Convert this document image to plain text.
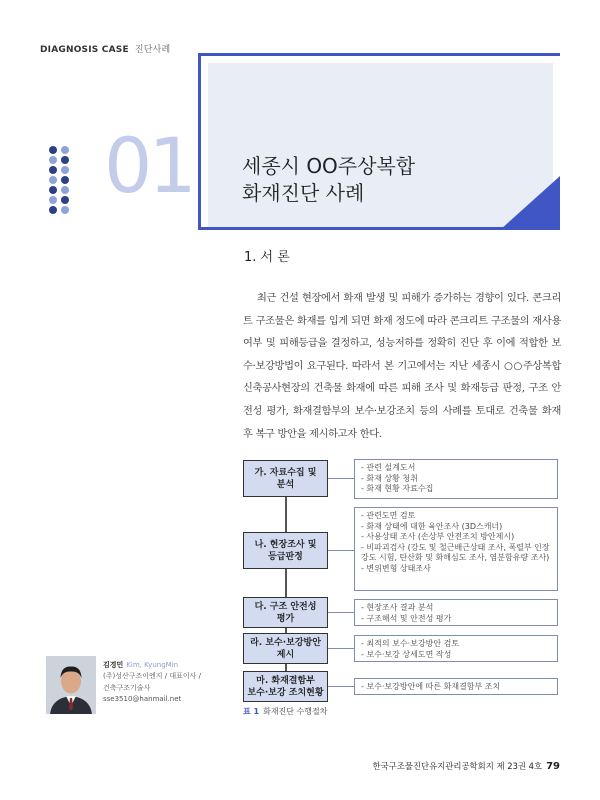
DIAGNOSIS CASE 진단사례
01 세종시 OO주상복합
화재진단 사례
1. 서 론

최근 건설 현장에서 화재 발생 및 피해가 증가하는 경향이 있다. 콘크리트 구조물은 화재를 입게 되면 화재 정도에 따라 콘크리트 구조물의 재사용 여부 및 피해등급을 결정하고, 성능저하를 정확히 진단 후 이에 적합한 보수·보강방법이 요구된다. 따라서 본 기고에서는 지난 세종시 ○○주상복합 신축공사현장의 건축물 화재에 따른 피해 조사 및 화재등급 판정, 구조 안전성 평가, 화재결함부의 보수·보강조치 등의 사례를 토대로 건축물 화재 후 복구 방안을 제시하고자 한다.

가. 자료수집 및
분석
- 관련 설계도서
- 화재 상황 청취
- 화재 현황 자료수집
나. 현장조사 및
등급판정
- 관련도면 검토
- 화재 상태에 대한 육안조사 (3D스캐너)
- 사용상태 조사 (손상부 안전조치 방안제시)
- 비파괴검사 (강도 및 철근배근상태 조사, 폭렬부 인장강도 시험, 탄산화 및 화해심도 조사, 염분함유량 조사)
- 변위변형 상태조사
다. 구조 안전성
평가
- 현장조사 결과 분석
- 구조해석 및 안전성 평가
라. 보수·보강방안
제시
- 최적의 보수·보강방안 검토
- 보수·보강 상세도면 작성
마. 화재결함부
보수·보강 조치현황
- 보수·보강방안에 따른 화재결함부 조치
표 1 화재진단 수행절차
김경민 Kim, KyungMin
(주)성산구조이엔지 / 대표이사 /
건축구조기술사
sse3510@hanmail.net
한국구조물진단유지관리공학회지 제 23권 4호 79
